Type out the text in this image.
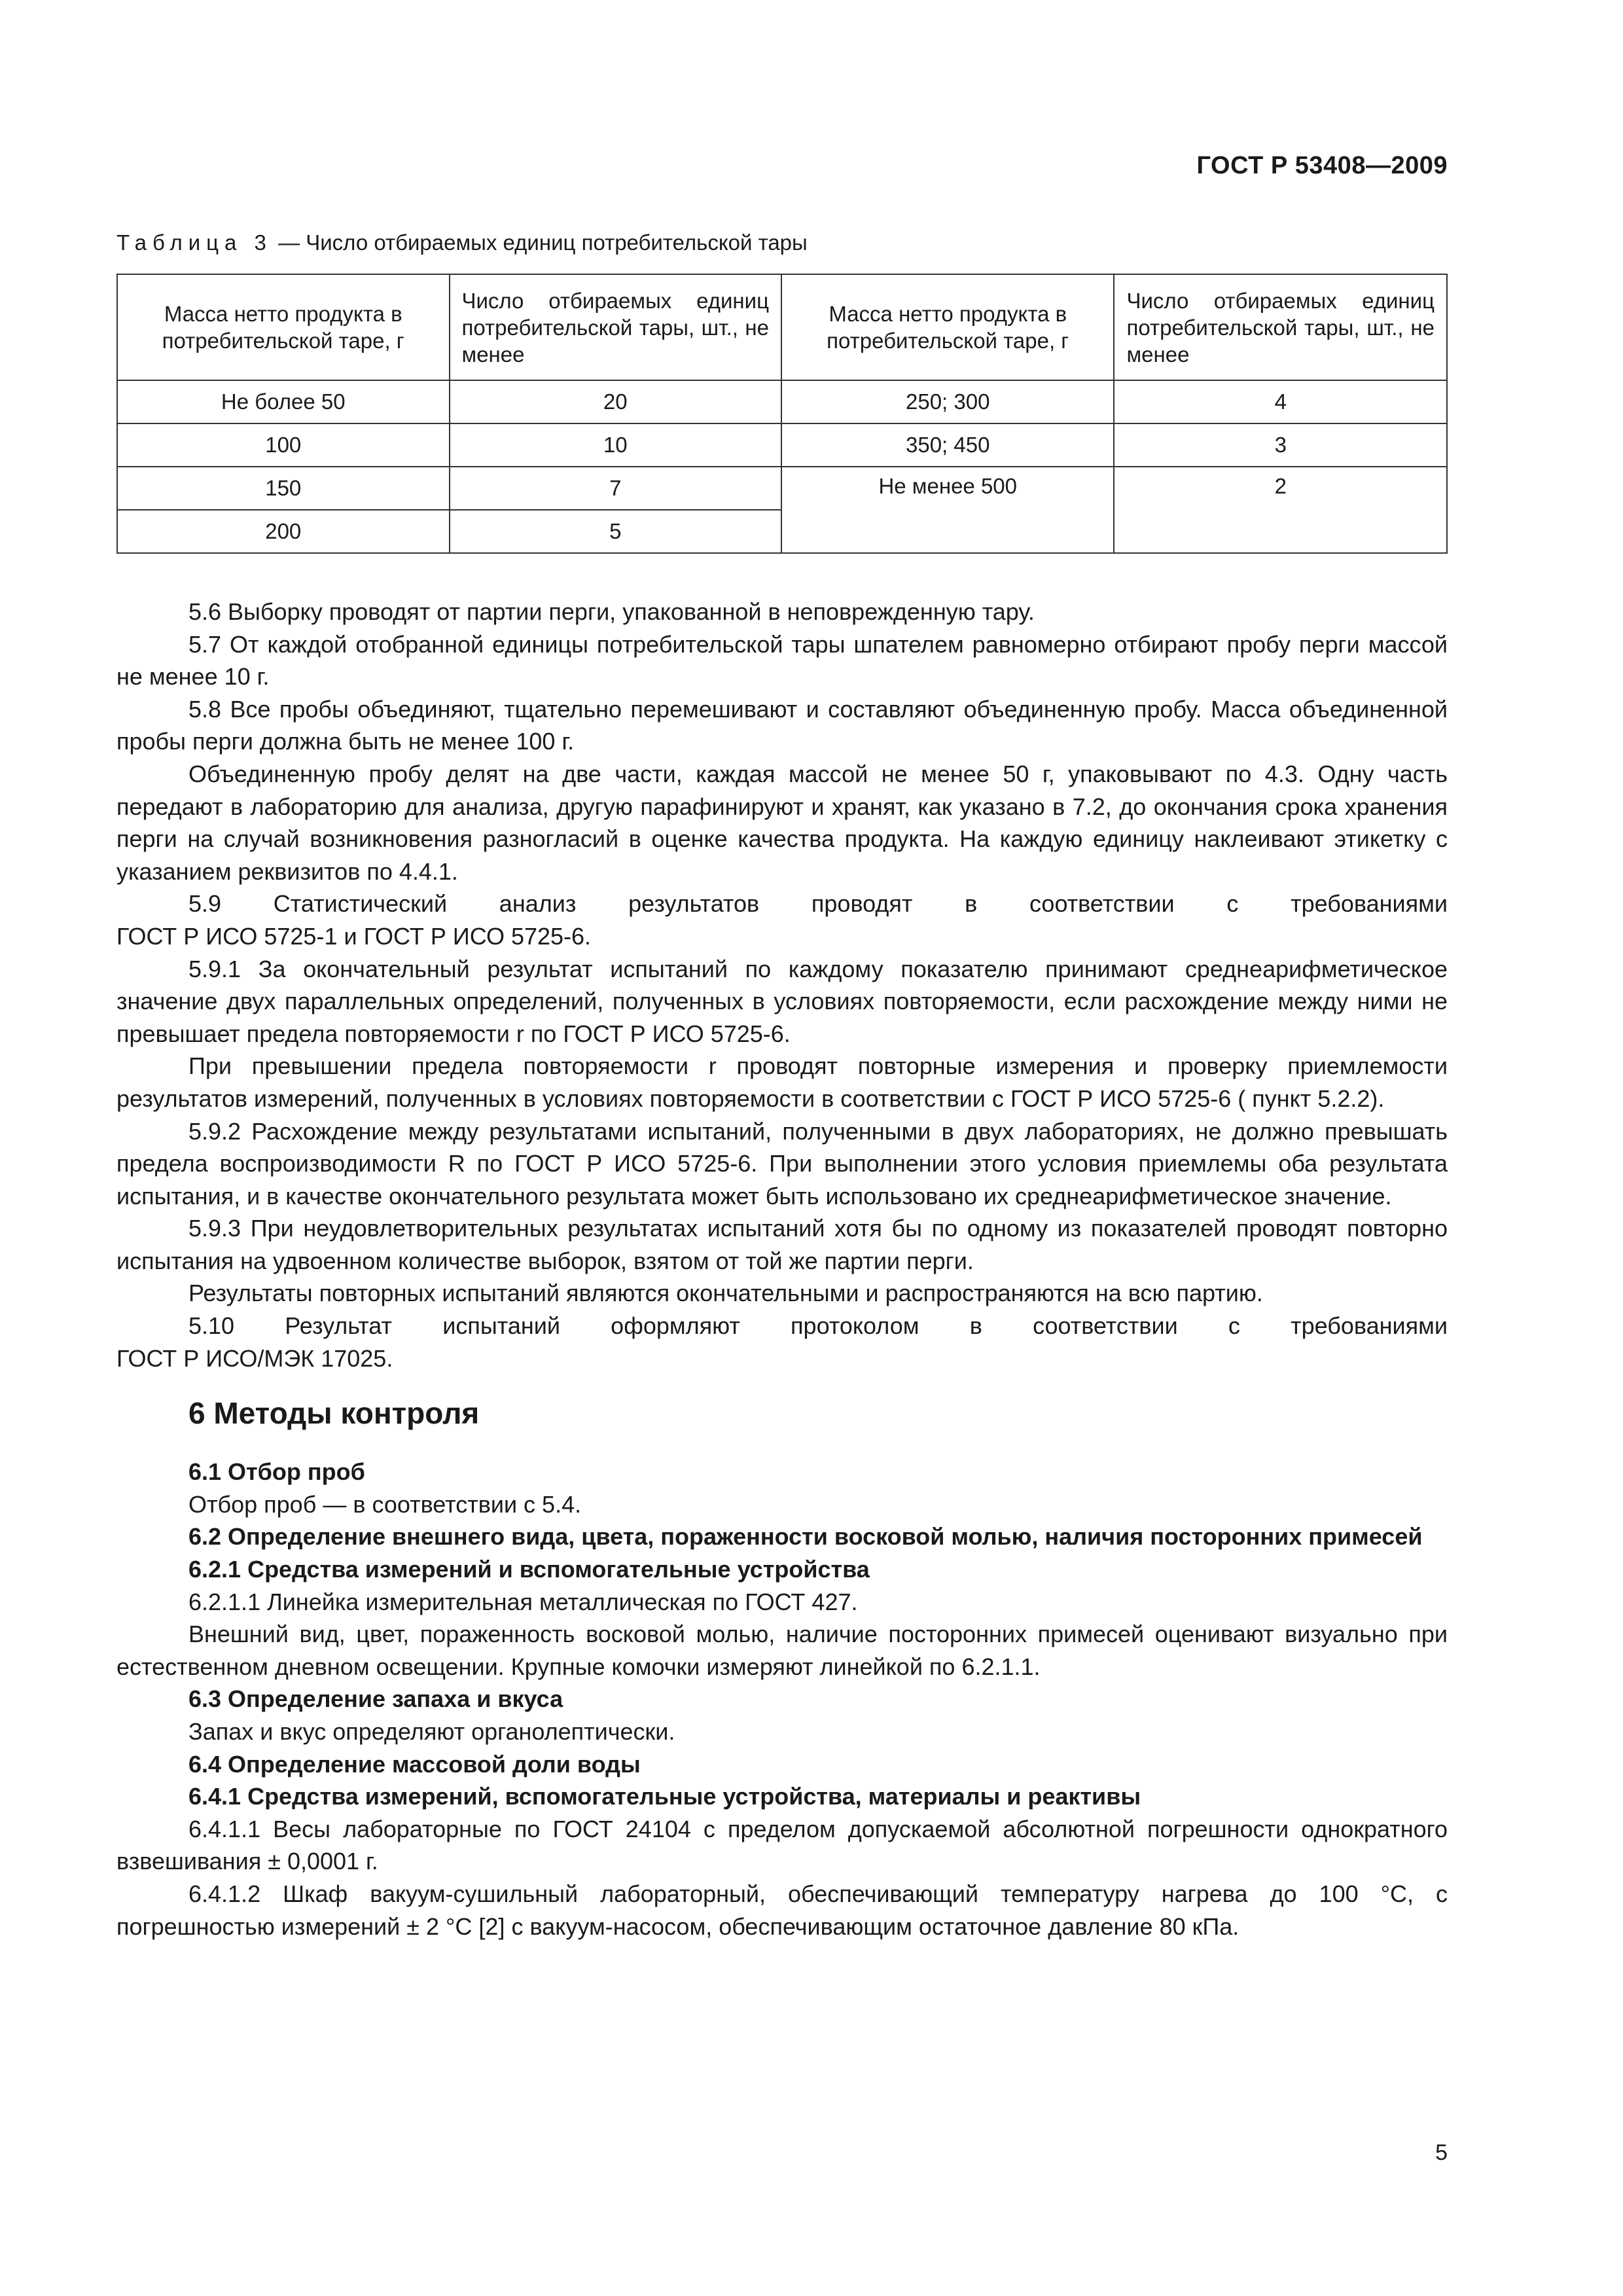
ГОСТ Р 53408—2009
Таблица 3 — Число отбираемых единиц потребительской тары
Масса нетто продукта в потребительской таре, г	Число отбираемых единиц потребительской тары, шт., не менее	Масса нетто продукта в потребительской таре, г	Число отбираемых единиц потребительской тары, шт., не менее
Не более 50	20	250; 300	4
100	10	350; 450	3
150	7	Не менее 500	2
200	5		

5.6 Выборку проводят от партии перги, упакованной в неповрежденную тару.

5.7 От каждой отобранной единицы потребительской тары шпателем равномерно отбирают пробу перги массой не менее 10 г.

5.8 Все пробы объединяют, тщательно перемешивают и составляют объединенную пробу. Масса объединенной пробы перги должна быть не менее 100 г.

Объединенную пробу делят на две части, каждая массой не менее 50 г, упаковывают по 4.3. Одну часть передают в лабораторию для анализа, другую парафинируют и хранят, как указано в 7.2, до окончания срока хранения перги на случай возникновения разногласий в оценке качества продукта. На каждую единицу наклеивают этикетку с указанием реквизитов по 4.4.1.

5.9 Статистический анализ результатов проводят в соответствии с требованиями

ГОСТ Р ИСО 5725-1 и ГОСТ Р ИСО 5725-6.

5.9.1 За окончательный результат испытаний по каждому показателю принимают среднеарифметическое значение двух параллельных определений, полученных в условиях повторяемости, если расхождение между ними не превышает предела повторяемости r по ГОСТ Р ИСО 5725-6.

При превышении предела повторяемости r проводят повторные измерения и проверку приемлемости результатов измерений, полученных в условиях повторяемости в соответствии с ГОСТ Р ИСО 5725-6 ( пункт 5.2.2).

5.9.2 Расхождение между результатами испытаний, полученными в двух лабораториях, не должно превышать предела воспроизводимости R по ГОСТ Р ИСО 5725-6. При выполнении этого условия приемлемы оба результата испытания, и в качестве окончательного результата может быть использовано их среднеарифметическое значение.

5.9.3 При неудовлетворительных результатах испытаний хотя бы по одному из показателей проводят повторно испытания на удвоенном количестве выборок, взятом от той же партии перги.

Результаты повторных испытаний являются окончательными и распространяются на всю партию.

5.10 Результат испытаний оформляют протоколом в соответствии с требованиями

ГОСТ Р ИСО/МЭК 17025.

6 Методы контроля

6.1 Отбор проб

Отбор проб — в соответствии с 5.4.

6.2 Определение внешнего вида, цвета, пораженности восковой молью, наличия посторонних примесей

6.2.1 Средства измерений и вспомогательные устройства

6.2.1.1 Линейка измерительная металлическая по ГОСТ 427.

Внешний вид, цвет, пораженность восковой молью, наличие посторонних примесей оценивают визуально при естественном дневном освещении. Крупные комочки измеряют линейкой по 6.2.1.1.

6.3 Определение запаха и вкуса

Запах и вкус определяют органолептически.

6.4 Определение массовой доли воды

6.4.1 Средства измерений, вспомогательные устройства, материалы и реактивы

6.4.1.1 Весы лабораторные по ГОСТ 24104 с пределом допускаемой абсолютной погрешности однократного взвешивания ± 0,0001 г.

6.4.1.2 Шкаф вакуум-сушильный лабораторный, обеспечивающий температуру нагрева до 100 °С, с погрешностью измерений ± 2 °С [2] с вакуум-насосом, обеспечивающим остаточное давление 80 кПа.

5
